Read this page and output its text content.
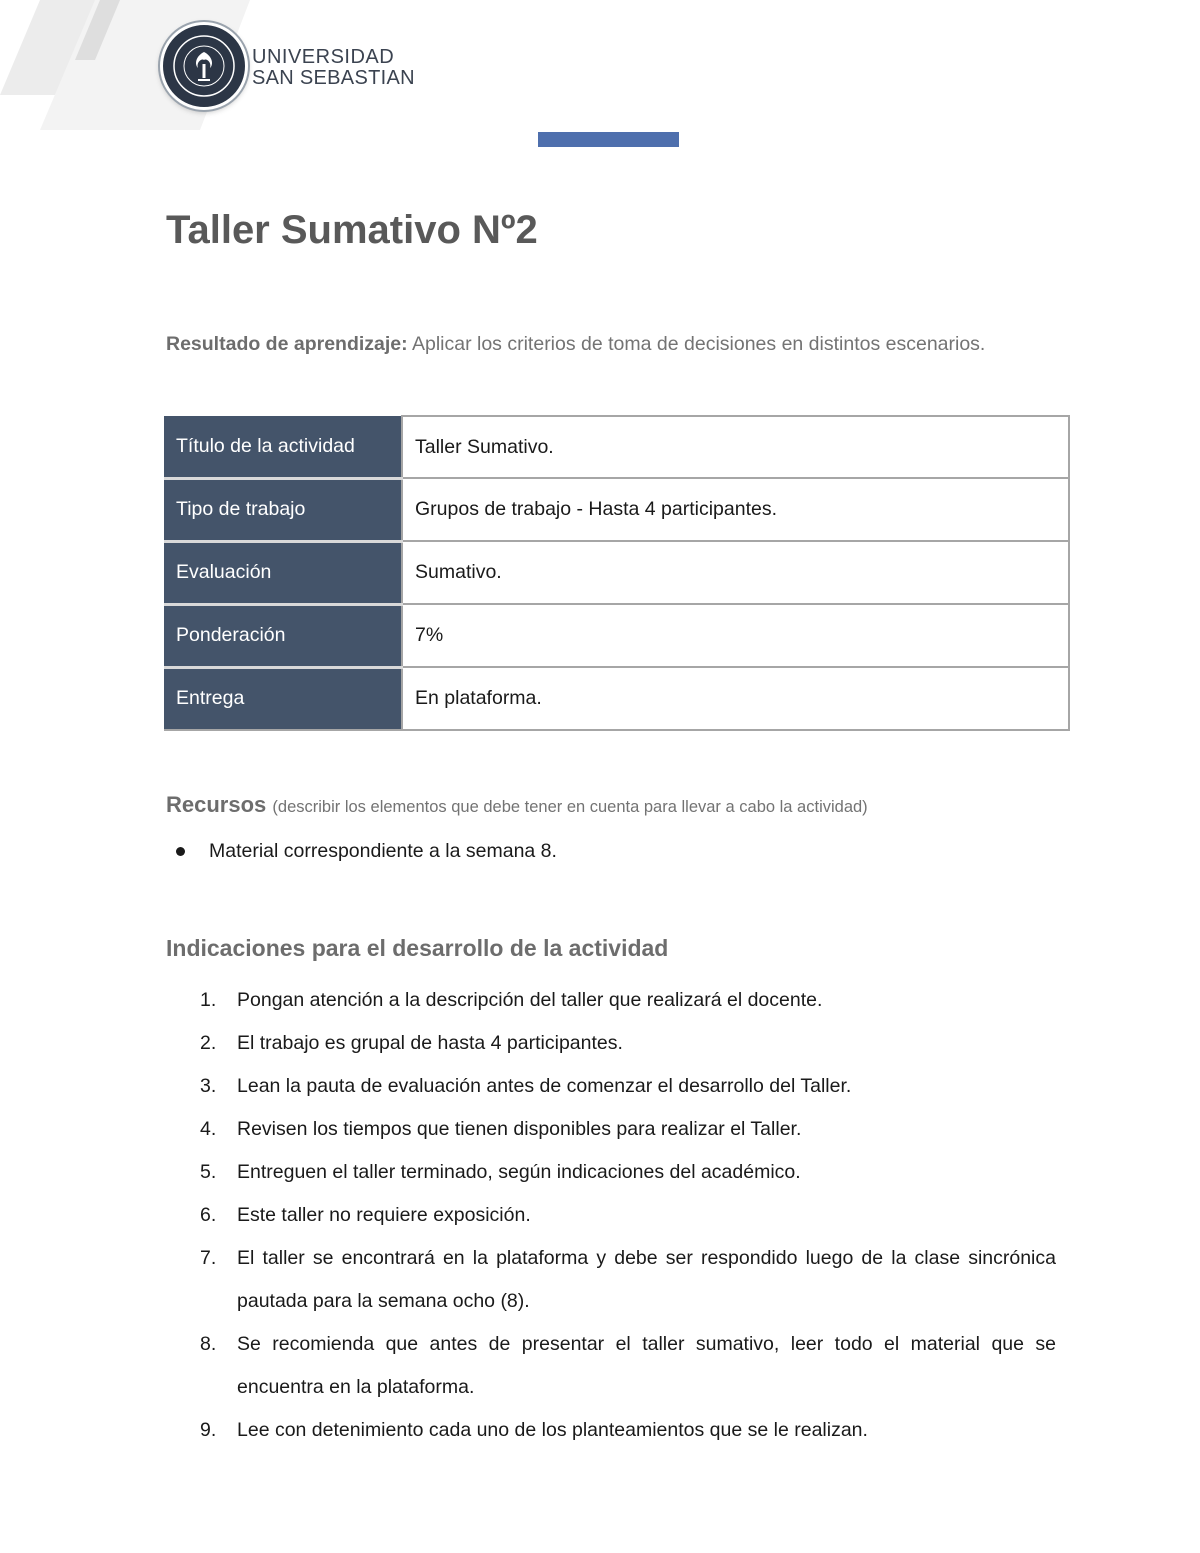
UNIVERSIDAD
SAN SEBASTIAN
Taller Sumativo Nº2

Resultado de aprendizaje: Aplicar los criterios de toma de decisiones en distintos escenarios.

Título de la actividad	Taller Sumativo.
Tipo de trabajo	Grupos de trabajo - Hasta 4 participantes.
Evaluación	Sumativo.
Ponderación	7%
Entrega	En plataforma.

Recursos (describir los elementos que debe tener en cuenta para llevar a cabo la actividad)

Material correspondiente a la semana 8.
Indicaciones para el desarrollo de la actividad
1.	Pongan atención a la descripción del taller que realizará el docente.
2.	El trabajo es grupal de hasta 4 participantes.
3.	Lean la pauta de evaluación antes de comenzar el desarrollo del Taller.
4.	Revisen los tiempos que tienen disponibles para realizar el Taller.
5.	Entreguen el taller terminado, según indicaciones del académico.
6.	Este taller no requiere exposición.
7.	El taller se encontrará en la plataforma y debe ser respondido luego de la clase sincrónica pautada para la semana ocho (8).
8.	Se recomienda que antes de presentar el taller sumativo, leer todo el material que se encuentra en la plataforma.
9.	Lee con detenimiento cada uno de los planteamientos que se le realizan.
